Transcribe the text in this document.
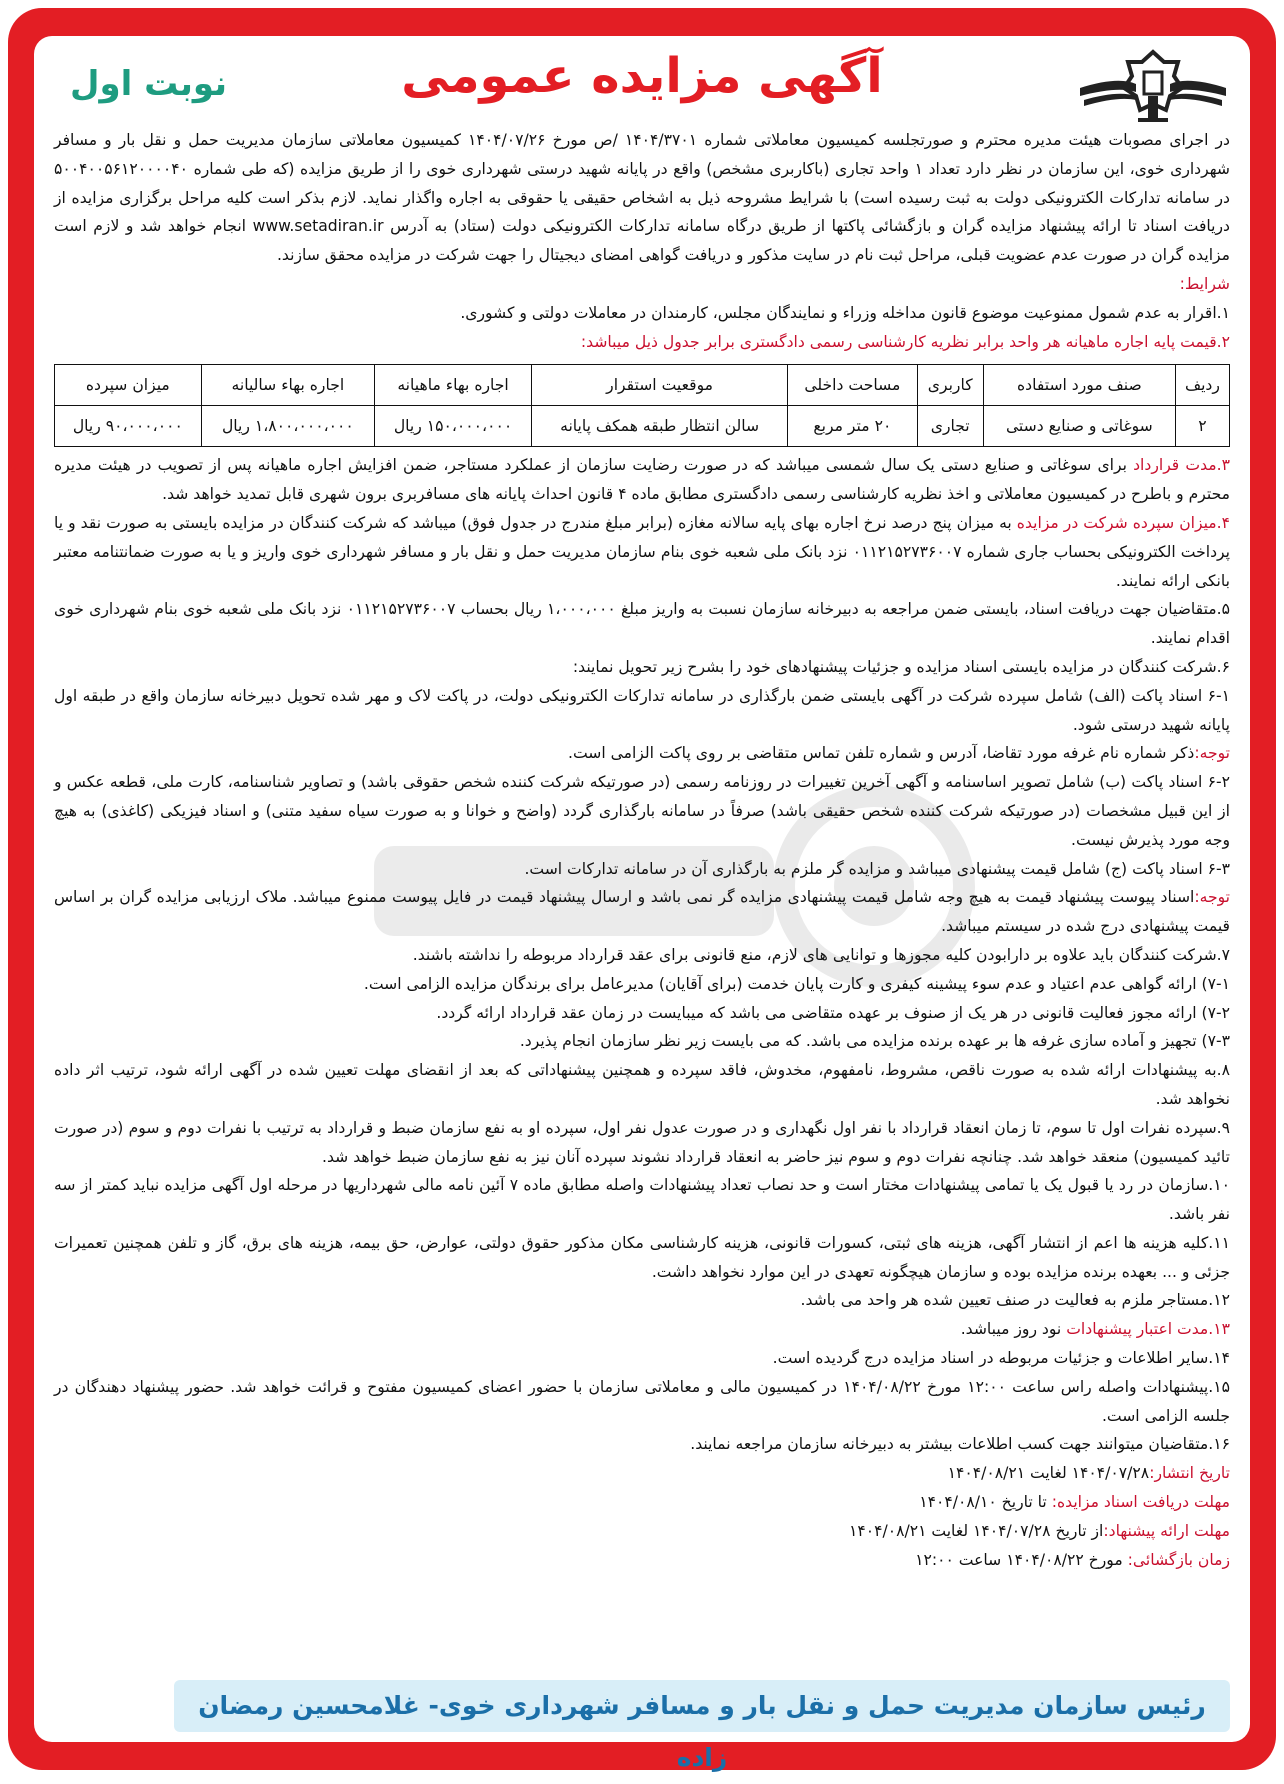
آگهی مزایده عمومی
نوبت اول

در اجرای مصوبات هیئت مدیره محترم و صورتجلسه کمیسیون معاملاتی شماره ۱۴۰۴/۳۷۰۱ /ص مورخ ۱۴۰۴/۰۷/۲۶ کمیسیون معاملاتی سازمان مدیریت حمل و نقل بار و مسافر شهرداری خوی، این سازمان در نظر دارد تعداد ۱ واحد تجاری (باکاربری مشخص) واقع در پایانه شهید درستی شهرداری خوی را از طریق مزایده (که طی شماره ۵۰۰۴۰۰۵۶۱۲۰۰۰۰۴۰ در سامانه تدارکات الکترونیکی دولت به ثبت رسیده است) با شرایط مشروحه ذیل به اشخاص حقیقی یا حقوقی به اجاره واگذار نماید. لازم بذکر است کلیه مراحل برگزاری مزایده از دریافت اسناد تا ارائه پیشنهاد مزایده گران و بازگشائی پاکتها از طریق درگاه سامانه تدارکات الکترونیکی دولت (ستاد) به آدرس www.setadiran.ir انجام خواهد شد و لازم است مزایده گران در صورت عدم عضویت قبلی، مراحل ثبت نام در سایت مذکور و دریافت گواهی امضای دیجیتال را جهت شرکت در مزایده محقق سازند.

شرایط:

۱.اقرار به عدم شمول ممنوعیت موضوع قانون مداخله وزراء و نمایندگان مجلس، کارمندان در معاملات دولتی و کشوری.

۲.قیمت پایه اجاره ماهیانه هر واحد برابر نظریه کارشناسی رسمی دادگستری برابر جدول ذیل میباشد:

ردیف	صنف مورد استفاده	کاربری	مساحت داخلی	موقعیت استقرار	اجاره بهاء ماهیانه	اجاره بهاء سالیانه	میزان سپرده
۲	سوغاتی و صنایع دستی	تجاری	۲۰ متر مربع	سالن انتظار طبقه همکف پایانه	۱۵۰،۰۰۰،۰۰۰ ریال	۱،۸۰۰،۰۰۰،۰۰۰ ریال	۹۰،۰۰۰،۰۰۰ ریال

۳.مدت قرارداد برای سوغاتی و صنایع دستی یک سال شمسی میباشد که در صورت رضایت سازمان از عملکرد مستاجر، ضمن افزایش اجاره ماهیانه پس از تصویب در هیئت مدیره محترم و باطرح در کمیسیون معاملاتی و اخذ نظریه کارشناسی رسمی دادگستری مطابق ماده ۴ قانون احداث پایانه های مسافربری برون شهری قابل تمدید خواهد شد.

۴.میزان سپرده شرکت در مزایده به میزان پنج درصد نرخ اجاره بهای پایه سالانه مغازه (برابر مبلغ مندرج در جدول فوق) میباشد که شرکت کنندگان در مزایده بایستی به صورت نقد و یا پرداخت الکترونیکی بحساب جاری شماره ۰۱۱۲۱۵۲۷۳۶۰۰۷ نزد بانک ملی شعبه خوی بنام سازمان مدیریت حمل و نقل بار و مسافر شهرداری خوی واریز و یا به صورت ضمانتنامه معتبر بانکی ارائه نمایند.

۵.متقاضیان جهت دریافت اسناد، بایستی ضمن مراجعه به دبیرخانه سازمان نسبت به واریز مبلغ ۱،۰۰۰،۰۰۰ ریال بحساب ۰۱۱۲۱۵۲۷۳۶۰۰۷ نزد بانک ملی شعبه خوی بنام شهرداری خوی اقدام نمایند.

۶.شرکت کنندگان در مزایده بایستی اسناد مزایده و جزئیات پیشنهادهای خود را بشرح زیر تحویل نمایند:

۶-۱ اسناد پاکت (الف) شامل سپرده شرکت در آگهی بایستی ضمن بارگذاری در سامانه تدارکات الکترونیکی دولت، در پاکت لاک و مهر شده تحویل دبیرخانه سازمان واقع در طبقه اول پایانه شهید درستی شود.

توجه:ذکر شماره نام غرفه مورد تقاضا، آدرس و شماره تلفن تماس متقاضی بر روی پاکت الزامی است.

۶-۲ اسناد پاکت (ب) شامل تصویر اساسنامه و آگهی آخرین تغییرات در روزنامه رسمی (در صورتیکه شرکت کننده شخص حقوقی باشد) و تصاویر شناسنامه، کارت ملی، قطعه عکس و از این قبیل مشخصات (در صورتیکه شرکت کننده شخص حقیقی باشد) صرفاً در سامانه بارگذاری گردد (واضح و خوانا و به صورت سیاه سفید متنی) و اسناد فیزیکی (کاغذی) به هیچ وجه مورد پذیرش نیست.

۶-۳ اسناد پاکت (ج) شامل قیمت پیشنهادی میباشد و مزایده گر ملزم به بارگذاری آن در سامانه تدارکات است.

توجه:اسناد پیوست پیشنهاد قیمت به هیچ وجه شامل قیمت پیشنهادی مزایده گر نمی باشد و ارسال پیشنهاد قیمت در فایل پیوست ممنوع میباشد. ملاک ارزیابی مزایده گران بر اساس قیمت پیشنهادی درج شده در سیستم میباشد.

۷.شرکت کنندگان باید علاوه بر دارابودن کلیه مجوزها و توانایی های لازم، منع قانونی برای عقد قرارداد مربوطه را نداشته باشند.

۷-۱) ارائه گواهی عدم اعتیاد و عدم سوء پیشینه کیفری و کارت پایان خدمت (برای آقایان) مدیرعامل برای برندگان مزایده الزامی است.

۷-۲) ارائه مجوز فعالیت قانونی در هر یک از صنوف بر عهده متقاضی می باشد که میبایست در زمان عقد قرارداد ارائه گردد.

۷-۳) تجهیز و آماده سازی غرفه ها بر عهده برنده مزایده می باشد. که می بایست زیر نظر سازمان انجام پذیرد.

۸.به پیشنهادات ارائه شده به صورت ناقص، مشروط، نامفهوم، مخدوش، فاقد سپرده و همچنین پیشنهاداتی که بعد از انقضای مهلت تعیین شده در آگهی ارائه شود، ترتیب اثر داده نخواهد شد.

۹.سپرده نفرات اول تا سوم، تا زمان انعقاد قرارداد با نفر اول نگهداری و در صورت عدول نفر اول، سپرده او به نفع سازمان ضبط و قرارداد به ترتیب با نفرات دوم و سوم (در صورت تائید کمیسیون) منعقد خواهد شد. چنانچه نفرات دوم و سوم نیز حاضر به انعقاد قرارداد نشوند سپرده آنان نیز به نفع سازمان ضبط خواهد شد.

۱۰.سازمان در رد یا قبول یک یا تمامی پیشنهادات مختار است و حد نصاب تعداد پیشنهادات واصله مطابق ماده ۷ آئین نامه مالی شهرداریها در مرحله اول آگهی مزایده نباید کمتر از سه نفر باشد.

۱۱.کلیه هزینه ها اعم از انتشار آگهی، هزینه های ثبتی، کسورات قانونی، هزینه کارشناسی مکان مذکور حقوق دولتی، عوارض، حق بیمه، هزینه های برق، گاز و تلفن همچنین تعمیرات جزئی و ... بعهده برنده مزایده بوده و سازمان هیچگونه تعهدی در این موارد نخواهد داشت.

۱۲.مستاجر ملزم به فعالیت در صنف تعیین شده هر واحد می باشد.

۱۳.مدت اعتبار پیشنهادات نود روز میباشد.

۱۴.سایر اطلاعات و جزئیات مربوطه در اسناد مزایده درج گردیده است.

۱۵.پیشنهادات واصله راس ساعت ۱۲:۰۰ مورخ ۱۴۰۴/۰۸/۲۲ در کمیسیون مالی و معاملاتی سازمان با حضور اعضای کمیسیون مفتوح و قرائت خواهد شد. حضور پیشنهاد دهندگان در جلسه الزامی است.

۱۶.متقاضیان میتوانند جهت کسب اطلاعات بیشتر به دبیرخانه سازمان مراجعه نمایند.

تاریخ انتشار:۱۴۰۴/۰۷/۲۸ لغایت ۱۴۰۴/۰۸/۲۱

مهلت دریافت اسناد مزایده: تا تاریخ ۱۴۰۴/۰۸/۱۰

مهلت ارائه پیشنهاد:از تاریخ ۱۴۰۴/۰۷/۲۸ لغایت ۱۴۰۴/۰۸/۲۱

زمان بازگشائی: مورخ ۱۴۰۴/۰۸/۲۲ ساعت ۱۲:۰۰

رئیس سازمان مدیریت حمل و نقل بار و مسافر شهرداری خوی- غلامحسین رمضان زاده
